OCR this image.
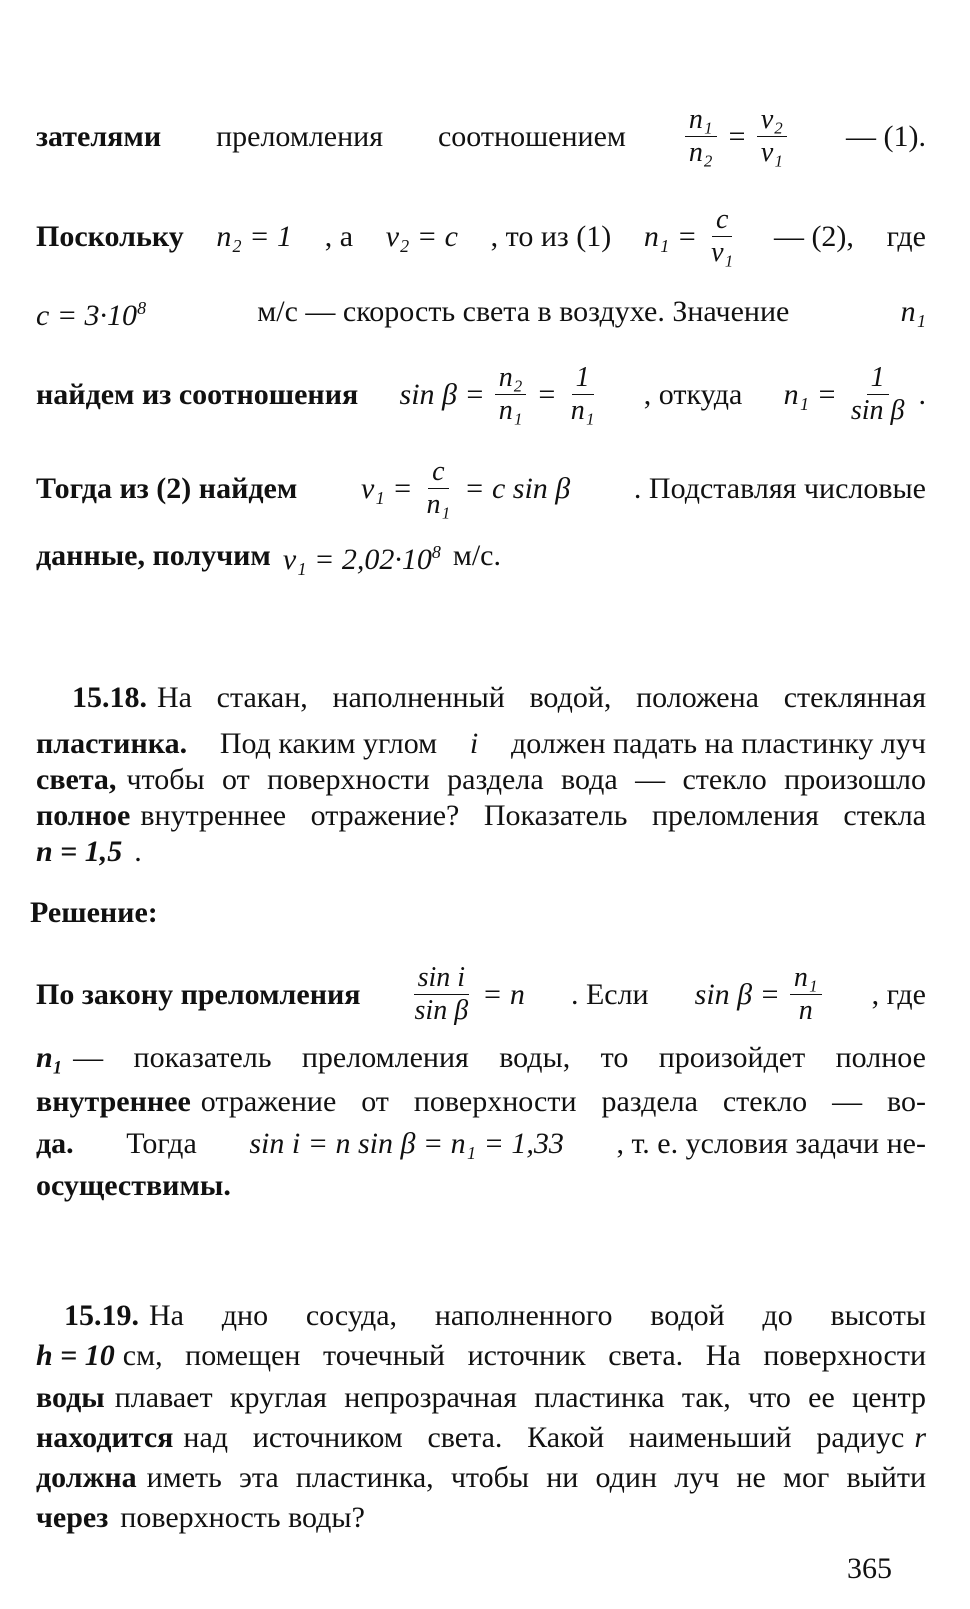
зателями преломления соотношением $\frac{\text{n₁}}{\text{n₂}} = \frac{\text{v₂}}{\text{v₁}}$ — (1).
Поскольку n₂ = 1 , а v₂ = c , то из (1) $n_1 = \frac{c}{\text{v₁}}$ — (2), где
$c = 3\cdot 10^8$	м/с — скорость света в воздухе. Значение	n₁
найдем из соотношения $\sin \beta = \frac{\text{n₂}}{\text{n₁}} = \frac{1}{\text{n₁}}$ , откуда $n_1 = \frac{1}{\text{sin β}}$ .
Тогда из (2) найдем $v_1 = \frac{c}{\text{n₁}} = c$ sin β . Подставляя числовые
данные, получим $v_1 = 2,02\cdot 10^8$ м/с.
15.18. На стакан, наполненный водой, положена стеклянная
пластинка. Под каким углом i должен падать на пластинку луч
света, чтобы от поверхности раздела вода — стекло произошло
полное внутреннее отражение? Показатель преломления стекла
n = 1,5 .
Решение:
По закону преломления $\frac{\text{sin i}}{\text{sin β}} = n$ . Если $\sin \beta = \frac{\text{n₁}}{n}$ , где
n₁ — показатель преломления воды, то произойдет полное
внутреннее отражение от поверхности раздела стекло — во-
да. Тогда sin i = n sin β = n₁ = 1,33 , т. е. условия задачи не-
осуществимы.
15.19. На дно сосуда, наполненного водой до высоты
h = 10 см, помещен точечный источник света. На поверхности
воды плавает круглая непрозрачная пластинка так, что ее центр
находится над источником света. Какой наименьший радиус r
должна иметь эта пластинка, чтобы ни один луч не мог выйти
через поверхность воды?
365
